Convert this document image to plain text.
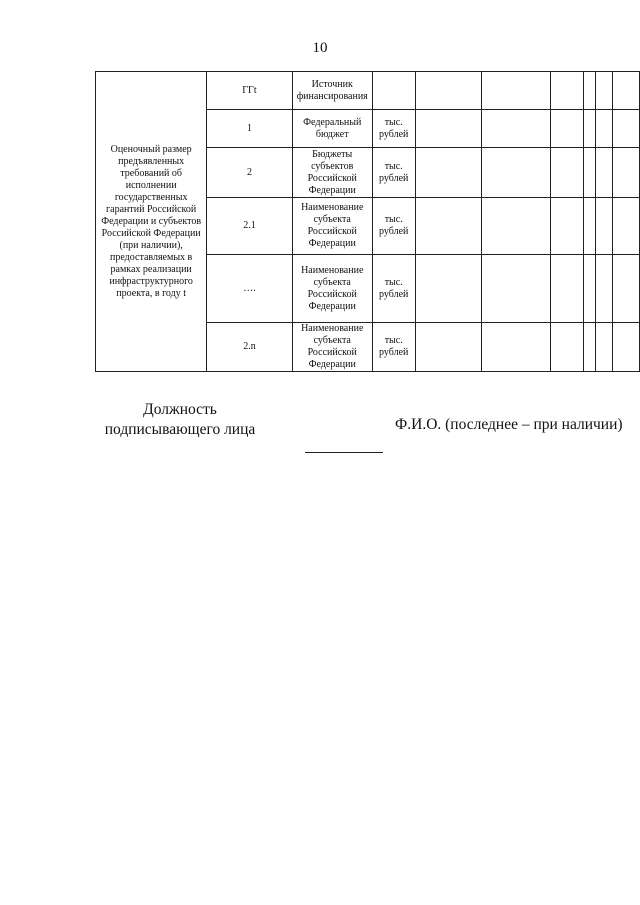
10
Оценочный размер предъявленных требований об исполнении государственных гарантий Российской Федерации и субъектов Российской Федерации (при наличии), предоставляемых в рамках реализации инфраструктурного проекта, в году t	ГГt	Источник финансирования							
	1	Федеральный бюджет	тыс. рублей						
	2	Бюджеты субъектов Российской Федерации	тыс. рублей						
	2.1	Наименование субъекта Российской Федерации	тыс. рублей						
	….	Наименование субъекта Российской Федерации	тыс. рублей						
	2.n	Наименование субъекта Российской Федерации	тыс. рублей						
Должность подписывающего лица	Ф.И.О. (последнее – при наличии)
